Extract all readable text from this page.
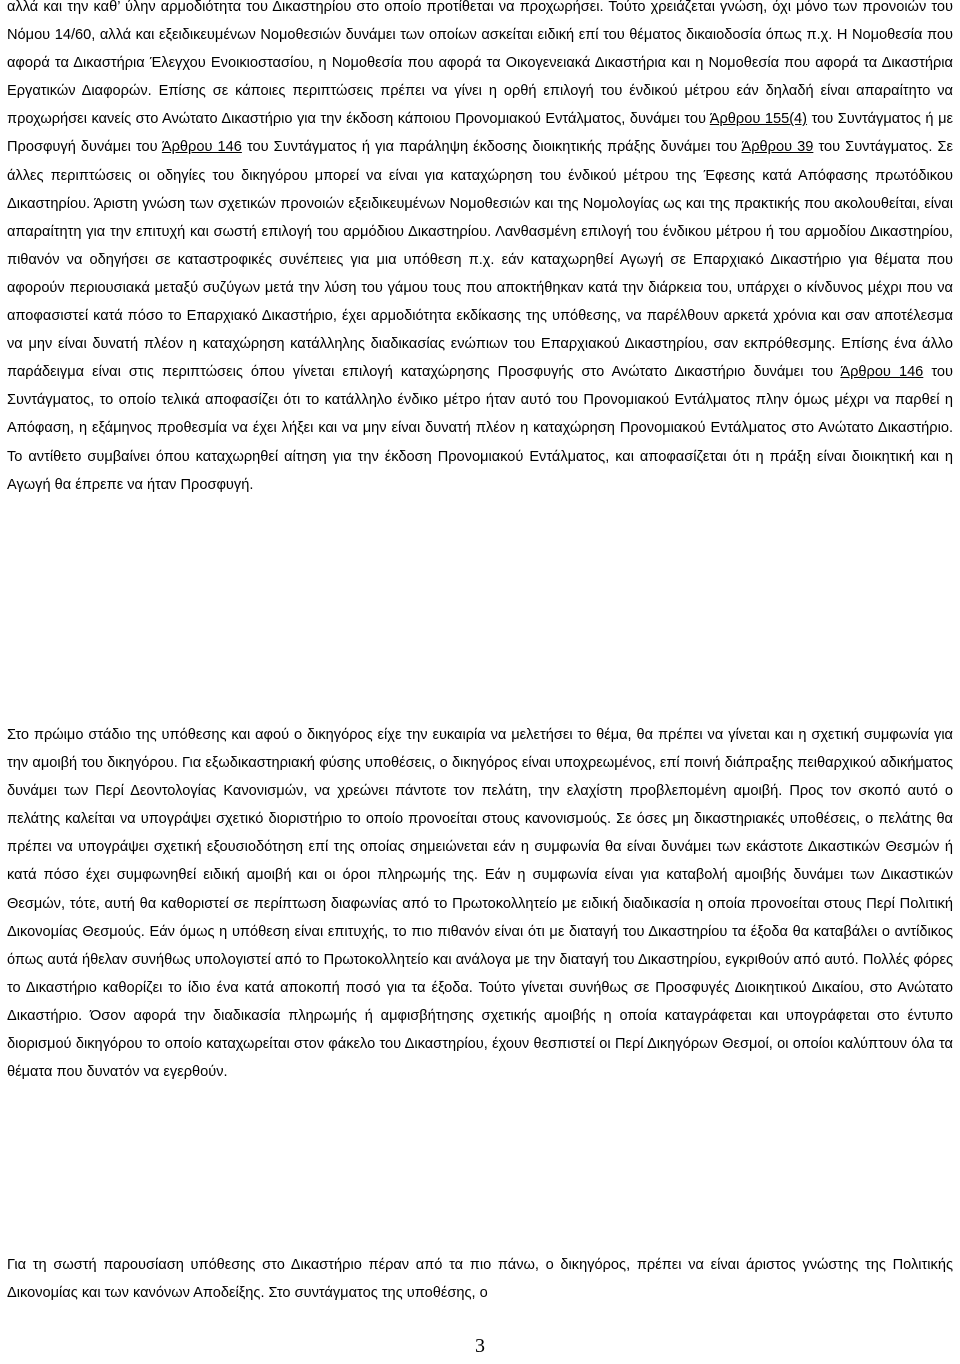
αλλά και την καθ’ ύλην αρμοδιότητα του Δικαστηρίου στο οποίο προτίθεται να προχωρήσει. Τούτο χρειάζεται γνώση, όχι μόνο των προνοιών του Νόμου 14/60, αλλά και εξειδικευμένων Νομοθεσιών δυνάμει των οποίων ασκείται ειδική επί του θέματος δικαιοδοσία όπως π.χ. Η Νομοθεσία που αφορά τα Δικαστήρια Έλεγχου Ενοικιοστασίου, η Νομοθεσία που αφορά τα Οικογενειακά Δικαστήρια και η Νομοθεσία που αφορά τα Δικαστήρια Εργατικών Διαφορών. Επίσης σε κάποιες περιπτώσεις πρέπει να γίνει η ορθή επιλογή του ένδικού μέτρου εάν δηλαδή είναι απαραίτητο να προχωρήσει κανείς στο Ανώτατο Δικαστήριο για την έκδοση κάποιου Προνομιακού Εντάλματος, δυνάμει του Άρθρου 155(4) του Συντάγματος ή με Προσφυγή δυνάμει του Άρθρου 146 του Συντάγματος ή για παράληψη έκδοσης διοικητικής πράξης δυνάμει του Άρθρου 39 του Συντάγματος. Σε άλλες περιπτώσεις οι οδηγίες του δικηγόρου μπορεί να είναι για καταχώρηση του ένδικού μέτρου της Έφεσης κατά Απόφασης πρωτόδικου Δικαστηρίου. Άριστη γνώση των σχετικών προνοιών εξειδικευμένων Νομοθεσιών και της Νομολογίας ως και της πρακτικής που ακολουθείται, είναι απαραίτητη για την επιτυχή και σωστή επιλογή του αρμόδιου Δικαστηρίου. Λανθασμένη επιλογή του ένδικου μέτρου ή του αρμοδίου Δικαστηρίου, πιθανόν να οδηγήσει σε καταστροφικές συνέπειες για μια υπόθεση π.χ. εάν καταχωρηθεί Αγωγή σε Επαρχιακό Δικαστήριο για θέματα που αφορούν περιουσιακά μεταξύ συζύγων μετά την λύση του γάμου τους που αποκτήθηκαν κατά την διάρκεια του, υπάρχει ο κίνδυνος μέχρι που να αποφασιστεί κατά πόσο το Επαρχιακό Δικαστήριο, έχει αρμοδιότητα εκδίκασης της υπόθεσης, να παρέλθουν αρκετά χρόνια και σαν αποτέλεσμα να μην είναι δυνατή πλέον η καταχώρηση κατάλληλης διαδικασίας ενώπιων του Επαρχιακού Δικαστηρίου, σαν εκπρόθεσμης. Επίσης ένα άλλο παράδειγμα είναι στις περιπτώσεις όπου γίνεται επιλογή καταχώρησης Προσφυγής στο Ανώτατο Δικαστήριο δυνάμει του Άρθρου 146 του Συντάγματος, το οποίο τελικά αποφασίζει ότι το κατάλληλο ένδικο μέτρο ήταν αυτό του Προνομιακού Εντάλματος πλην όμως μέχρι να παρθεί η Απόφαση, η εξάμηνος προθεσμία να έχει λήξει και να μην είναι δυνατή πλέον η καταχώρηση Προνομιακού Εντάλματος στο Ανώτατο Δικαστήριο. Το αντίθετο συμβαίνει όπου καταχωρηθεί αίτηση για την έκδοση Προνομιακού Εντάλματος, και αποφασίζεται ότι η πράξη είναι διοικητική και η Αγωγή θα έπρεπε να ήταν Προσφυγή.

Στο πρώιμο στάδιο της υπόθεσης και αφού ο δικηγόρος είχε την ευκαιρία να μελετήσει το θέμα, θα πρέπει να γίνεται και η σχετική συμφωνία για την αμοιβή του δικηγόρου. Για εξωδικαστηριακή φύσης υποθέσεις, ο δικηγόρος είναι υποχρεωμένος, επί ποινή διάπραξης πειθαρχικού αδικήματος δυνάμει των Περί Δεοντολογίας Κανονισμών, να χρεώνει πάντοτε τον πελάτη, την ελαχίστη προβλεπομένη αμοιβή. Προς τον σκοπό αυτό ο πελάτης καλείται να υπογράψει σχετικό διοριστήριο το οποίο προνοείται στους κανονισμούς. Σε όσες μη δικαστηριακές υποθέσεις, ο πελάτης θα πρέπει να υπογράψει σχετική εξουσιοδότηση επί της οποίας σημειώνεται εάν η συμφωνία θα είναι δυνάμει των εκάστοτε Δικαστικών Θεσμών ή κατά πόσο έχει συμφωνηθεί ειδική αμοιβή και οι όροι πληρωμής της. Εάν η συμφωνία είναι για καταβολή αμοιβής δυνάμει των Δικαστικών Θεσμών, τότε, αυτή θα καθοριστεί σε περίπτωση διαφωνίας από το Πρωτοκολλητείο με ειδική διαδικασία η οποία προνοείται στους Περί Πολιτική Δικονομίας Θεσμούς. Εάν όμως η υπόθεση είναι επιτυχής, το πιο πιθανόν είναι ότι με διαταγή του Δικαστηρίου τα έξοδα θα καταβάλει ο αντίδικος όπως αυτά ήθελαν συνήθως υπολογιστεί από το Πρωτοκολλητείο και ανάλογα με την διαταγή του Δικαστηρίου, εγκριθούν από αυτό. Πολλές φόρες το Δικαστήριο καθορίζει το ίδιο ένα κατά αποκοπή ποσό για τα έξοδα. Τούτο γίνεται συνήθως σε Προσφυγές Διοικητικού Δικαίου, στο Ανώτατο Δικαστήριο. Όσον αφορά την διαδικασία πληρωμής ή αμφισβήτησης σχετικής αμοιβής η οποία καταγράφεται και υπογράφεται στο έντυπο διορισμού δικηγόρου το οποίο καταχωρείται στον φάκελο του Δικαστηρίου, έχουν θεσπιστεί οι Περί Δικηγόρων Θεσμοί, οι οποίοι καλύπτουν όλα τα θέματα που δυνατόν να εγερθούν.

Για τη σωστή παρουσίαση υπόθεσης στο Δικαστήριο πέραν από τα πιο πάνω, ο δικηγόρος, πρέπει να είναι άριστος γνώστης της Πολιτικής Δικονομίας και των κανόνων Αποδείξης. Στο συντάγματος της υποθέσης, ο

3
